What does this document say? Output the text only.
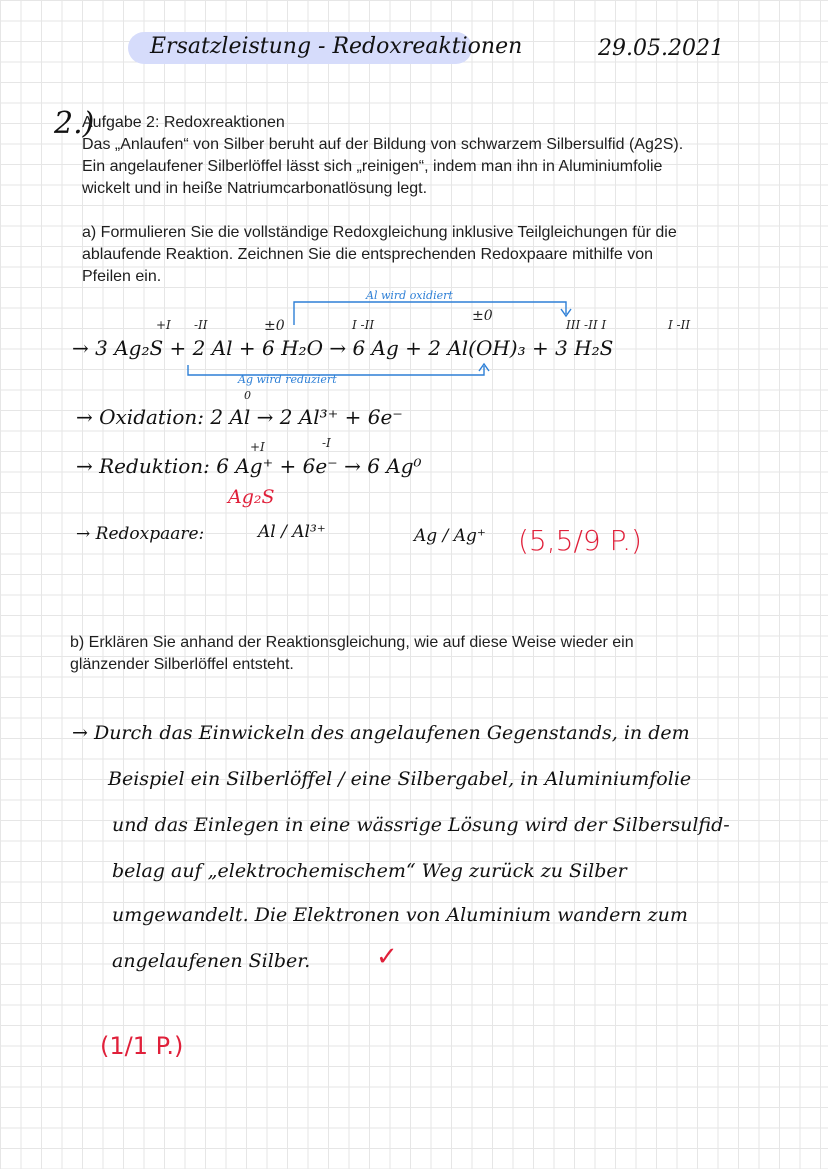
Ersatzleistung - Redoxreaktionen	29.05.2021
2.)
Aufgabe 2: Redoxreaktionen
Das „Anlaufen“ von Silber beruht auf der Bildung von schwarzem Silbersulfid (Ag2S).
Ein angelaufener Silberlöffel lässt sich „reinigen“, indem man ihn in Aluminiumfolie
wickelt und in heiße Natriumcarbonatlösung legt.
a) Formulieren Sie die vollständige Redoxgleichung inklusive Teilgleichungen für die
ablaufende Reaktion. Zeichnen Sie die entsprechenden Redoxpaare mithilfe von
Pfeilen ein.
Al wird oxidiert
Ag wird reduziert
0
+I -II	±0	I -II
±0
III -II I	I -II
→ 3 Ag₂S + 2 Al + 6 H₂O → 6 Ag + 2 Al(OH)₃ + 3 H₂S
→ Oxidation: 2 Al → 2 Al³⁺ + 6e⁻
+I	-I
→ Reduktion: 6 Ag⁺ + 6e⁻ → 6 Ag⁰
Ag₂S
→ Redoxpaare:	Al / Al³⁺	Ag / Ag⁺ (5,5/9 P.)
b) Erklären Sie anhand der Reaktionsgleichung, wie auf diese Weise wieder ein
glänzender Silberlöffel entsteht.
→ Durch das Einwickeln des angelaufenen Gegenstands, in dem
Beispiel ein Silberlöffel / eine Silbergabel, in Aluminiumfolie
und das Einlegen in eine wässrige Lösung wird der Silbersulfid-
belag auf „elektrochemischem“ Weg zurück zu Silber
umgewandelt. Die Elektronen von Aluminium wandern zum
angelaufenen Silber.	✓
(1/1 P.)
